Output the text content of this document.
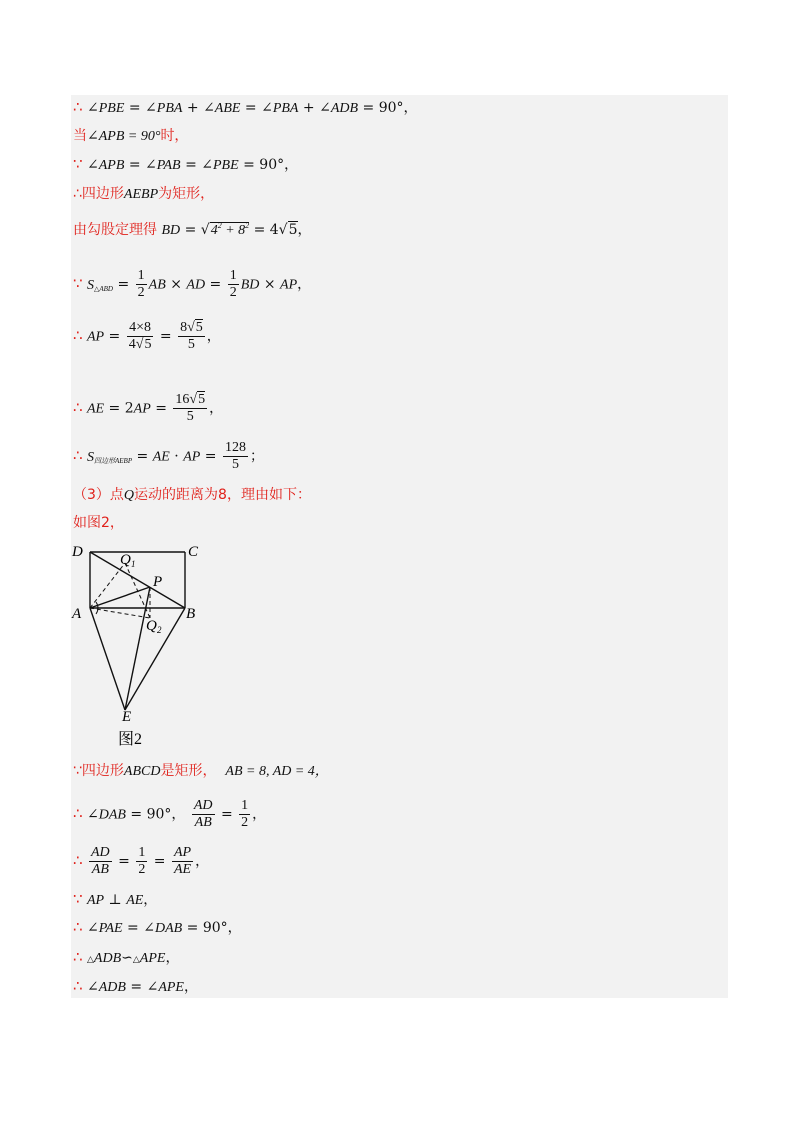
∴ ∠PBE = ∠PBA + ∠ABE = ∠PBA + ∠ADB = 90°，
当∠APB = 90°时，
∵ ∠APB = ∠PAB = ∠PBE = 90°，
∴四边形AEBP为矩形，
由勾股定理得 BD = $√4^2 + 8^2 = 4√5$，
∵ $S_{\triangle ABD} = \frac{1}{2}$ AB × AD = $\frac{1}{2}$ BD × AP，
∴ AP = $\frac{4\times 8}{4√5} = \frac{8√5}{5}$ ，
∴ AE = $2AP = \frac{16√5}{5}$ ，
∴ $S_{四边形AEBP}$ = AE · AP = $\frac{128}{5}$ ；
（3）点Q运动的距离为8，理由如下：
如图2，
D	C
A	B
P
Q 1
Q 2
E
图2
∵四边形ABCD是矩形， AB = 8, AD = 4，
∴ ∠DAB = 90°， $\frac{AD}{AB} = \frac{1}{2}$ ，
∴ $\frac{AD}{AB} = \frac{1}{2} = \frac{AP}{AE}$ ，
∵ AP ⊥ AE，
∴ ∠PAE = ∠DAB = 90°，
∴ △ADB∽△APE，
∴ ∠ADB = ∠APE，
